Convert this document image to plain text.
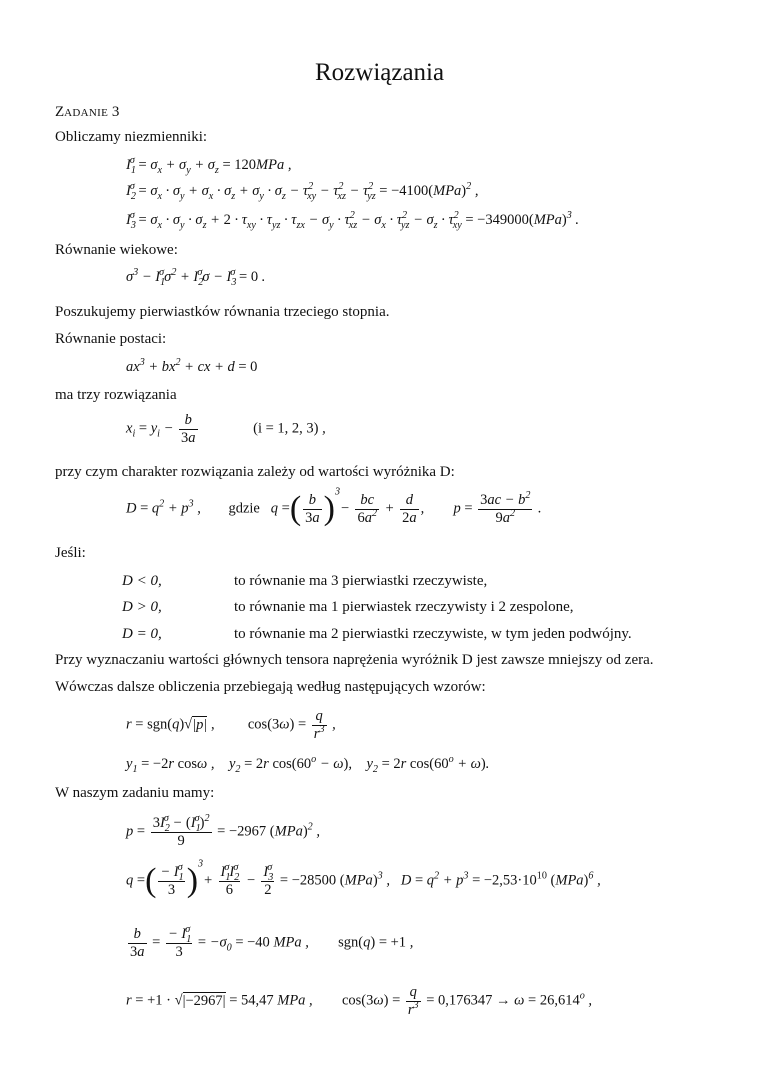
Rozwiązania
ZADANIE 3
Obliczamy niezmienniki:
$I_1^\sigma = \sigma_x + \sigma_y + \sigma_z = 120MPa$ ,
$I_2^\sigma = \sigma_x \cdot \sigma_y + \sigma_x \cdot \sigma_z + \sigma_y \cdot \sigma_z - \tau^2_{xy} - \tau^2_{xz} - \tau^2_{yz} = -4100(MPa)^2$ ,
$I_3^\sigma = \sigma_x \cdot \sigma_y \cdot \sigma_z + 2 \cdot \tau_{xy} \cdot \tau_{yz} \cdot \tau_{zx} - \sigma_y \cdot \tau^2_{xz} - \sigma_x \cdot \tau^2_{yz} - \sigma_z \cdot \tau^2_{xy} = -349000(MPa)^3$ .
Równanie wiekowe:
$\sigma^3 - I_1^\sigma\sigma^2 + I_2^\sigma\sigma - I_3^\sigma = 0$ .
Poszukujemy pierwiastków równania trzeciego stopnia.
Równanie postaci:
$ax^3 + bx^2$ + cx + d = 0
ma trzy rozwiązania
$x_i = y_i - \frac{b}{3a}$	(i = 1, 2, 3) ,
przy czym charakter rozwiązania zależy od wartości wyróżnika D:
$D = q^2 + p^3$ , gdzie   q =( $\frac{b}{3a} )^3- \frac{bc}{6a^2} + \frac{d}{2a}$ ,  $p = \frac{3ac - b^2}{9a^2}$ .
Jeśli:
D < 0,	to równanie ma 3 pierwiastki rzeczywiste,
D > 0,	to równanie ma 1 pierwiastek rzeczywisty i 2 zespolone,
D = 0,	to równanie ma 2 pierwiastki rzeczywiste, w tym jeden podwójny.
Przy wyznaczaniu wartości głównych tensora naprężenia wyróżnik D jest zawsze mniejszy od zera.
Wówczas dalsze obliczenia przebiegają według następujących wzorów:
r = sgn(q)√|p| , $\cos(3\omega) = \frac{q}{r^3}$ ,
$y_1 = -2r$ cosω ,    $y_2 = 2r$ $\cos(60^o - \omega)$,    $y_2 = 2r$ $\cos(60^o + \omega)$.
W naszym zadaniu mamy:
$p = \frac{3I_2^\sigma - (I_1^\sigma)^2}{9} = -2967$ (MPa)$^2$ ,
q =( $\frac{- I_1^\sigma}{3} )^3+ \frac{I_1^\sigma I_2^\sigma}{6} - \frac{I_3^\sigma}{2} = -28500$ (MPa)$^3$ ,   $D = q^2 + p^3 = -2,53\cdot 10^{10}$ (MPa)$^6$ ,
$\frac{b}{3a} = \frac{- I_1^\sigma}{3} = -\sigma_0 = -40$ MPa ,  sgn(q) = +1 ,
r = +1 · √|−2967| = 54,47 MPa ,  $\cos(3\omega) = \frac{q}{r^3} = 0,176347 \to \omega = 26,614^o$ ,
